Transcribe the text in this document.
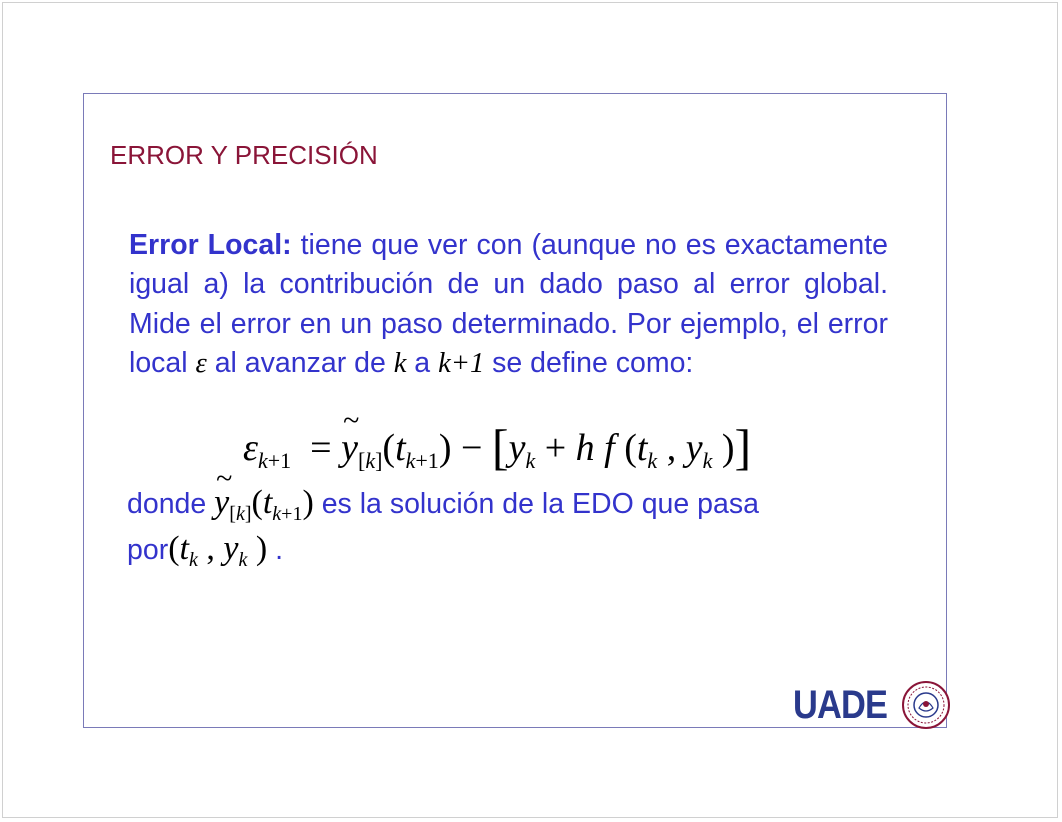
ERROR Y PRECISIÓN
Error Local: tiene que ver con (aunque no es exactamente igual a) la contribución de un dado paso al error global. Mide el error en un paso determinado. Por ejemplo, el error local ε al avanzar de k a k+1 se define como:
$\varepsilon_{k+1}$  = ~ $y_{[k]}(t_{k+1}) - [y_k + h$ f ($t_k$ , $y_k$ )]
donde ~ $y_{[k]}(t_{k+1})$ es la solución de la EDO que pasa
$por(t_k$ , $y_k$ ) .
UADE
